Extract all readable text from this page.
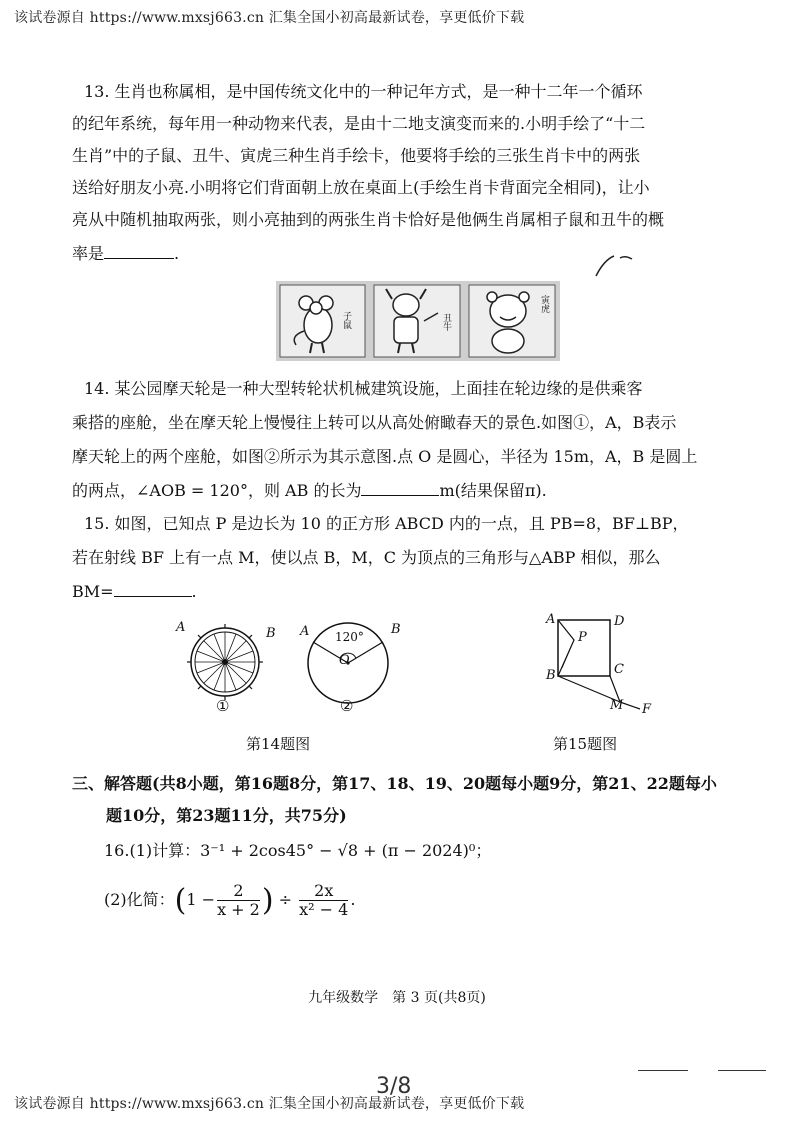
该试卷源自 https://www.mxsj663.cn 汇集全国小初高最新试卷，享更低价下载
13. 生肖也称属相，是中国传统文化中的一种记年方式，是一种十二年一个循环
的纪年系统，每年用一种动物来代表，是由十二地支演变而来的.小明手绘了“十二
生肖”中的子鼠、丑牛、寅虎三种生肖手绘卡，他要将手绘的三张生肖卡中的两张
送给好朋友小亮.小明将它们背面朝上放在桌面上(手绘生肖卡背面完全相同)，让小
亮从中随机抽取两张，则小亮抽到的两张生肖卡恰好是他俩生肖属相子鼠和丑牛的概
率是	.
子鼠	丑牛
寅虎
14. 某公园摩天轮是一种大型转轮状机械建筑设施，上面挂在轮边缘的是供乘客
乘搭的座舱，坐在摩天轮上慢慢往上转可以从高处俯瞰春天的景色.如图①，A，B表示
摩天轮上的两个座舱，如图②所示为其示意图.点 O 是圆心，半径为 15m，A，B 是圆上
的两点，∠AOB = 120°，则 AB 的长为	m(结果保留π).
15. 如图，已知点 P 是边长为 10 的正方形 ABCD 内的一点，且 PB=8，BF⊥BP，
若在射线 BF 上有一点 M，使以点 B，M，C 为顶点的三角形与△ABP 相似，那么
BM=	.
A	B
①
A	B
O
120°
②
第14题图
A	D
P
C
B
M F
第15题图
三、解答题(共8小题，第16题8分，第17、18、19、20题每小题9分，第21、22题每小
题10分，第23题11分，共75分)
16.(1)计算：3⁻¹ + 2cos45° − √8 + (π − 2024)⁰；
(2)化简：($1 - \frac{2}{x + 2}$ ) ÷ $\frac{2x}{\text{x² − 4}}$ .
九年级数学　第 3 页(共8页)
3/8
该试卷源自 https://www.mxsj663.cn 汇集全国小初高最新试卷，享更低价下载
